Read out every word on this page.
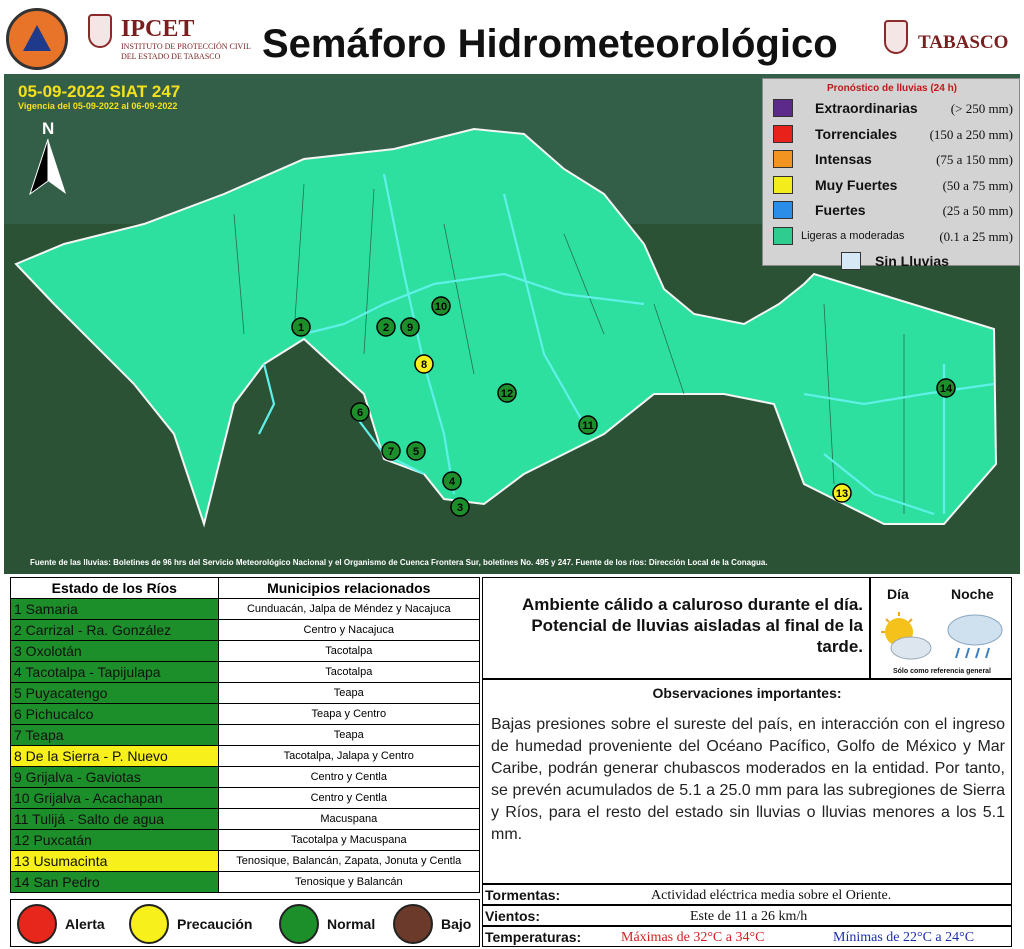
IPCET
INSTITUTO DE PROTECCIÓN CIVIL
DEL ESTADO DE TABASCO	Semáforo Hidrometeorológico	TABASCO
1	2
3
4
5
6
7
8
9
10
11
12
13
14
05-09-2022 SIAT 247
Vigencia del 05-09-2022 al 06-09-2022
N
Fuente de las lluvias: Boletines de 96 hrs del Servicio Meteorológico Nacional y el Organismo de Cuenca Frontera Sur, boletines No. 495 y 247. Fuente de los ríos: Dirección Local de la Conagua.
Pronóstico de lluvias (24 h)
Extraordinarias	(> 250 mm)
Torrenciales (150 a 250 mm)
Intensas	(75 a 150 mm)
Muy Fuertes	(50 a 75 mm)
Fuertes	(25 a 50 mm)
Ligeras a moderadas	(0.1 a 25 mm)
Sin Lluvias
Estado de los Ríos	Municipios relacionados
1 Samaria	Cunduacán, Jalpa de Méndez y Nacajuca
2 Carrizal - Ra. González	Centro y Nacajuca
3 Oxolotán	Tacotalpa
4 Tacotalpa - Tapijulapa	Tacotalpa
5 Puyacatengo	Teapa
6 Pichucalco	Teapa y Centro
7 Teapa	Teapa
8 De la Sierra - P. Nuevo	Tacotalpa, Jalapa y Centro
9 Grijalva - Gaviotas	Centro y Centla
10 Grijalva - Acachapan	Centro y Centla
11 Tulijá - Salto de agua	Macuspana
12 Puxcatán	Tacotalpa y Macuspana
13 Usumacinta	Tenosique, Balancán, Zapata, Jonuta y Centla
14 San Pedro	Tenosique y Balancán
Alerta	Precaución	Normal	Bajo
Ambiente cálido a caluroso durante el día. Potencial de lluvias aisladas al final de la tarde.
Día	Noche
Sólo como referencia general
Observaciones importantes:
Bajas presiones sobre el sureste del país, en interacción con el ingreso de humedad proveniente del Océano Pacífico, Golfo de México y Mar Caribe, podrán generar chubascos moderados en la entidad. Por tanto, se prevén acumulados de 5.1 a 25.0 mm para las subregiones de Sierra y Ríos, para el resto del estado sin lluvias o lluvias menores a los 5.1 mm.
Tormentas:	Actividad eléctrica media sobre el Oriente.
Vientos:	Este de 11 a 26 km/h
Temperaturas:	Máximas de 32°C a 34°C	Mínimas de 22°C a 24°C
